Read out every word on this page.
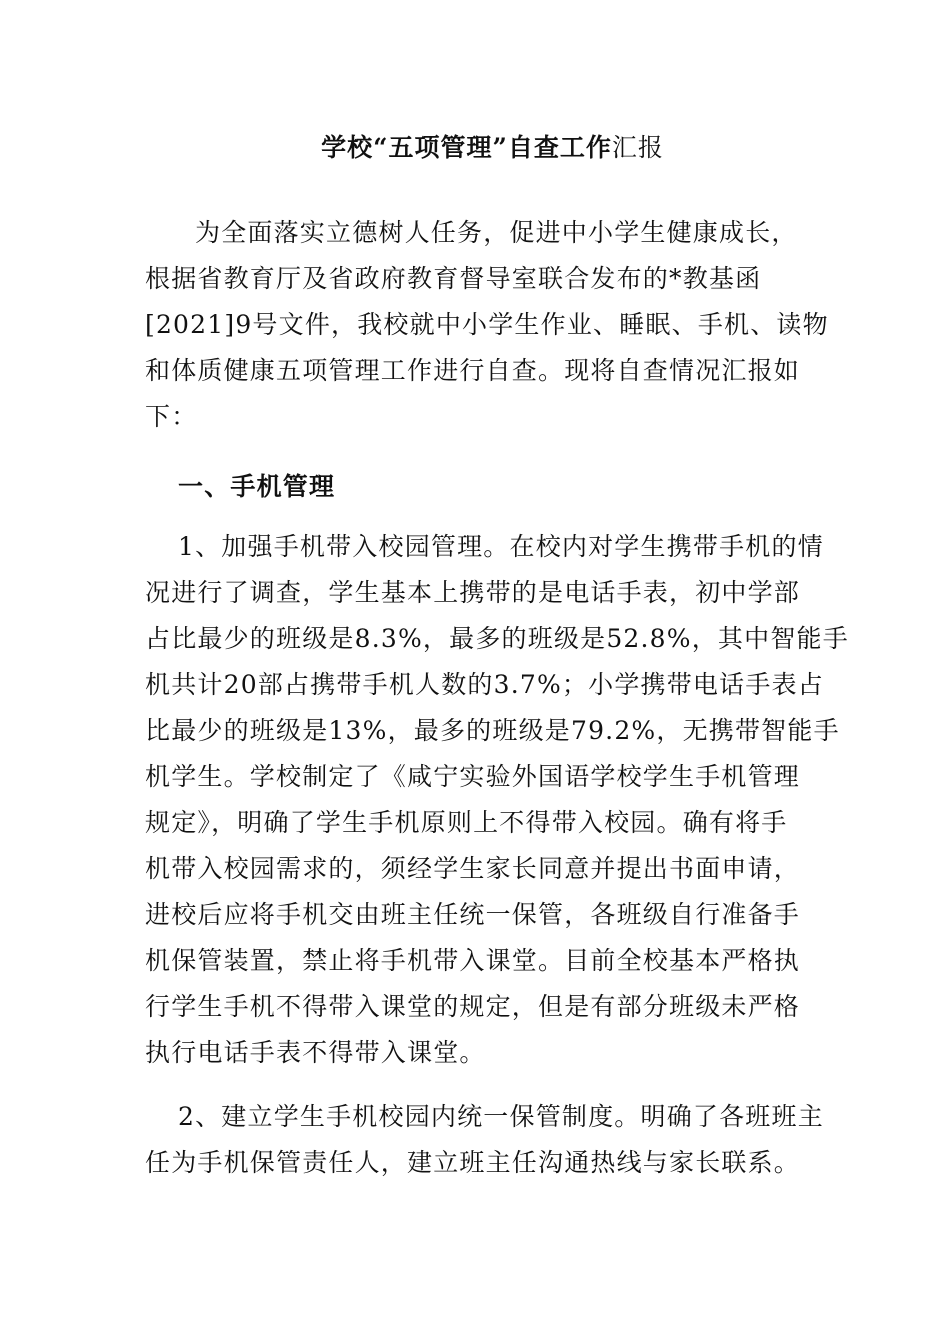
学校“五项管理”自查工作汇报

为全面落实立德树人任务，促进中小学生健康成长，

根据省教育厅及省政府教育督导室联合发布的*教基函

[2021]9号文件，我校就中小学生作业、睡眠、手机、读物

和体质健康五项管理工作进行自查。现将自查情况汇报如

下：

一、手机管理

1、加强手机带入校园管理。在校内对学生携带手机的情

况进行了调查，学生基本上携带的是电话手表，初中学部

占比最少的班级是8.3%，最多的班级是52.8%，其中智能手

机共计20部占携带手机人数的3.7%；小学携带电话手表占

比最少的班级是13%，最多的班级是79.2%，无携带智能手

机学生。学校制定了《咸宁实验外国语学校学生手机管理

规定》，明确了学生手机原则上不得带入校园。确有将手

机带入校园需求的，须经学生家长同意并提出书面申请，

进校后应将手机交由班主任统一保管，各班级自行准备手

机保管装置，禁止将手机带入课堂。目前全校基本严格执

行学生手机不得带入课堂的规定，但是有部分班级未严格

执行电话手表不得带入课堂。

2、建立学生手机校园内统一保管制度。明确了各班班主

任为手机保管责任人，建立班主任沟通热线与家长联系。
